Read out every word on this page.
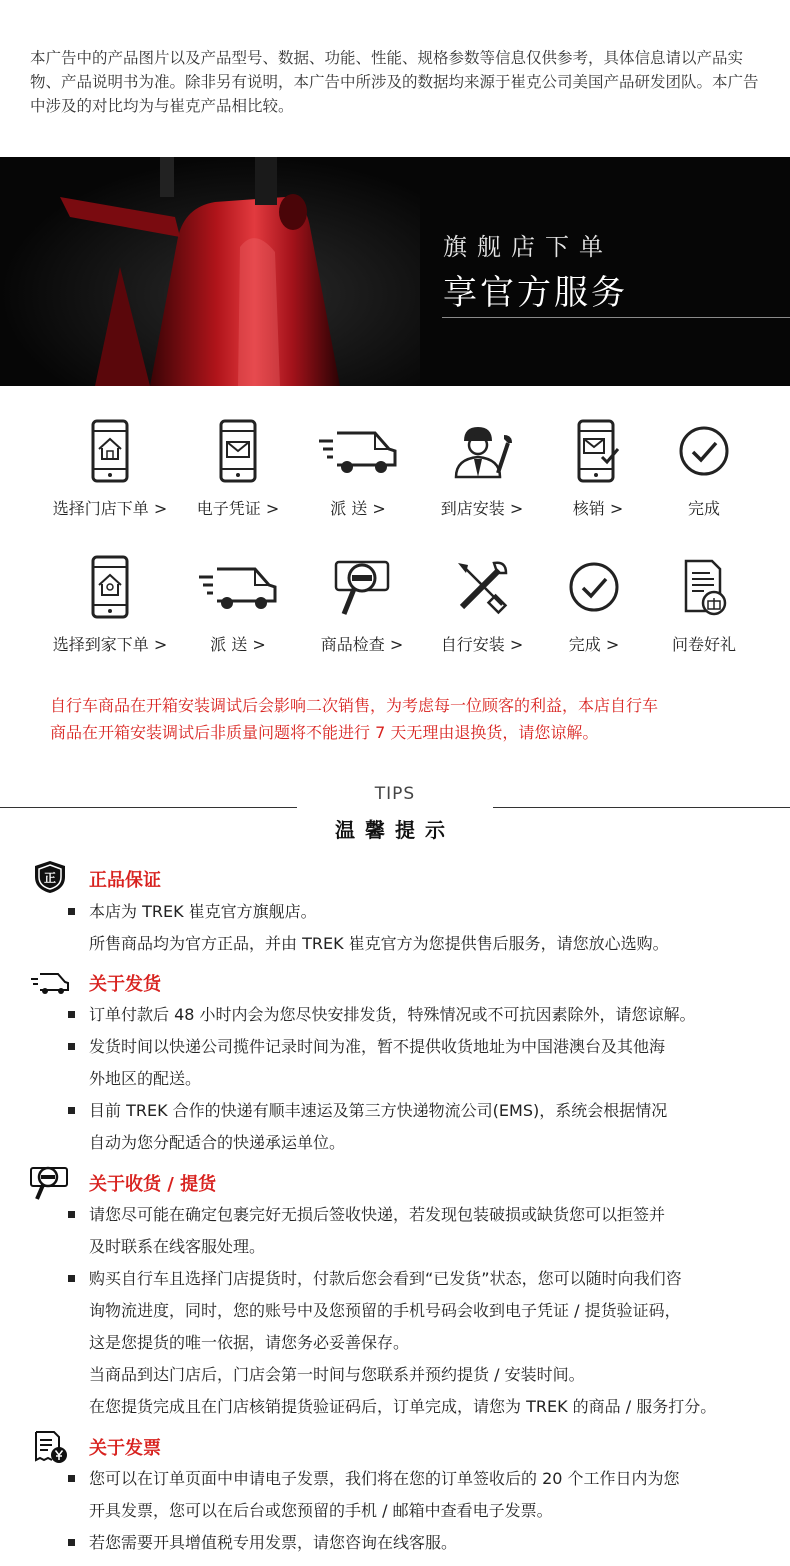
本广告中的产品图片以及产品型号、数据、功能、性能、规格参数等信息仅供参考，具体信息请以产品实物、产品说明书为准。除非另有说明，本广告中所涉及的数据均来源于崔克公司美国产品研发团队。本广告中涉及的对比均为与崔克产品相比较。
旗舰店下单
享官方服务
选择门店下单 >	电子凭证 >	派 送 >	到店安装 >	核销 >	完成
选择到家下单 >	派 送 >	商品检查 >	自行安装 >	完成 >	问卷好礼
自行车商品在开箱安装调试后会影响二次销售，为考虑每一位顾客的利益，本店自行车
商品在开箱安装调试后非质量问题将不能进行 7 天无理由退换货，请您谅解。
TIPS
温馨提示
正 正品保证
本店为 TREK 崔克官方旗舰店。
所售商品均为官方正品，并由 TREK 崔克官方为您提供售后服务，请您放心选购。
关于发货
订单付款后 48 小时内会为您尽快安排发货，特殊情况或不可抗因素除外，请您谅解。
发货时间以快递公司揽件记录时间为准，暂不提供收货地址为中国港澳台及其他海
外地区的配送。
目前 TREK 合作的快递有顺丰速运及第三方快递物流公司(EMS)，系统会根据情况
自动为您分配适合的快递承运单位。
关于收货 / 提货
请您尽可能在确定包裹完好无损后签收快递，若发现包装破损或缺货您可以拒签并
及时联系在线客服处理。
购买自行车且选择门店提货时，付款后您会看到“已发货”状态，您可以随时向我们咨
询物流进度，同时，您的账号中及您预留的手机号码会收到电子凭证 / 提货验证码，
这是您提货的唯一依据，请您务必妥善保存。
当商品到达门店后，门店会第一时间与您联系并预约提货 / 安装时间。
在您提货完成且在门店核销提货验证码后，订单完成，请您为 TREK 的商品 / 服务打分。
关于发票
您可以在订单页面中申请电子发票，我们将在您的订单签收后的 20 个工作日内为您
开具发票，您可以在后台或您预留的手机 / 邮箱中查看电子发票。
若您需要开具增值税专用发票，请您咨询在线客服。
